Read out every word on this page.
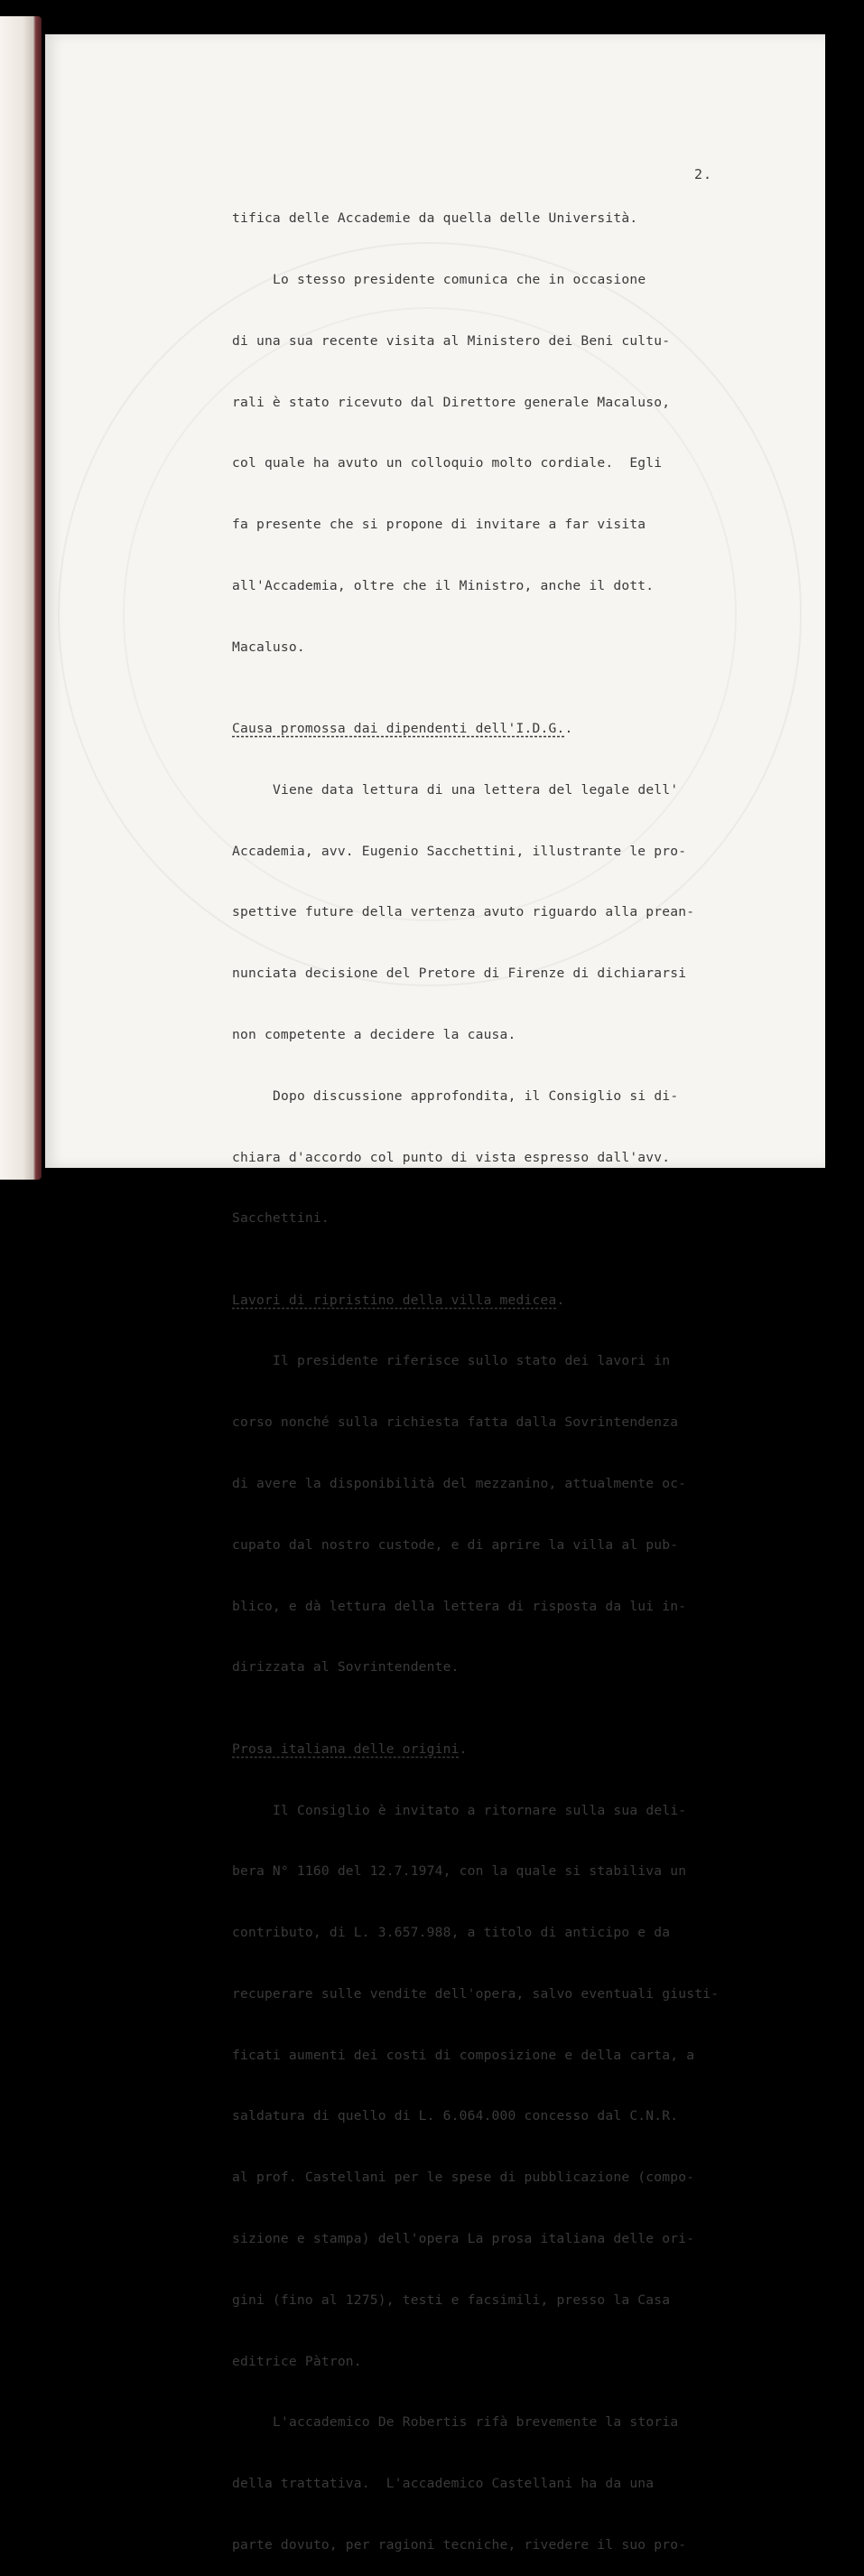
2.

tifica delle Accademie da quella delle Università.

Lo stesso presidente comunica che in occasione

di una sua recente visita al Ministero dei Beni cultu-

rali è stato ricevuto dal Direttore generale Macaluso,

col quale ha avuto un colloquio molto cordiale.  Egli

fa presente che si propone di invitare a far visita

all'Accademia, oltre che il Ministro, anche il dott.

Macaluso.

Causa promossa dai dipendenti dell'I.D.G..

Viene data lettura di una lettera del legale dell'

Accademia, avv. Eugenio Sacchettini, illustrante le pro-

spettive future della vertenza avuto riguardo alla prean-

nunciata decisione del Pretore di Firenze di dichiararsi

non competente a decidere la causa.

Dopo discussione approfondita, il Consiglio si di-

chiara d'accordo col punto di vista espresso dall'avv.

Sacchettini.

Lavori di ripristino della villa medicea.

Il presidente riferisce sullo stato dei lavori in

corso nonché sulla richiesta fatta dalla Sovrintendenza

di avere la disponibilità del mezzanino, attualmente oc-

cupato dal nostro custode, e di aprire la villa al pub-

blico, e dà lettura della lettera di risposta da lui in-

dirizzata al Sovrintendente.

Prosa italiana delle origini.

Il Consiglio è invitato a ritornare sulla sua deli-

bera N° 1160 del 12.7.1974, con la quale si stabiliva un

contributo, di L. 3.657.988, a titolo di anticipo e da

recuperare sulle vendite dell'opera, salvo eventuali giusti-

ficati aumenti dei costi di composizione e della carta, a

saldatura di quello di L. 6.064.000 concesso dal C.N.R.

al prof. Castellani per le spese di pubblicazione (compo-

sizione e stampa) dell'opera La prosa italiana delle ori-

gini (fino al 1275), testi e facsimili, presso la Casa

editrice Pàtron.

L'accademico De Robertis rifà brevemente la storia

della trattativa.  L'accademico Castellani ha da una

parte dovuto, per ragioni tecniche, rivedere il suo pro-
